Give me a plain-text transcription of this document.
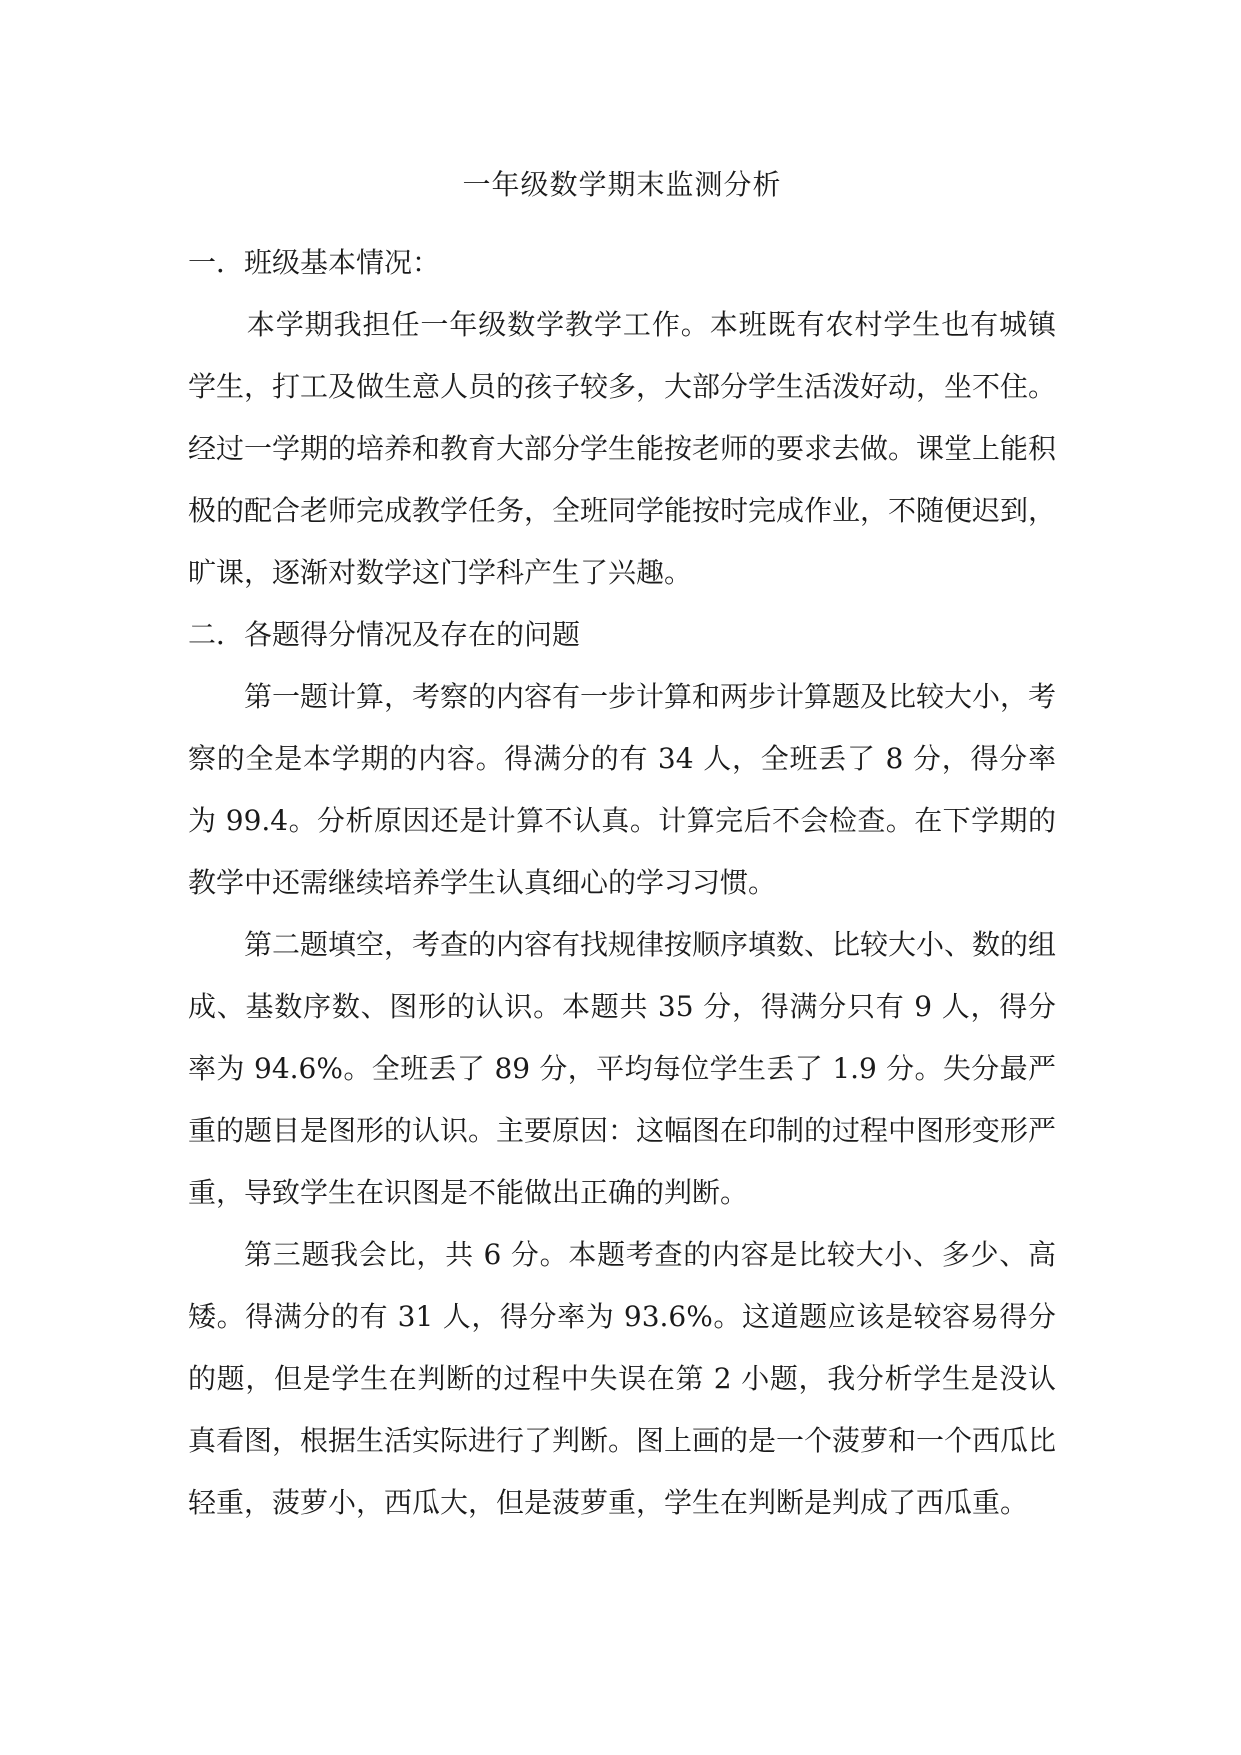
一年级数学期末监测分析
一．班级基本情况：

本学期我担任一年级数学教学工作。本班既有农村学生也有城镇学生，打工及做生意人员的孩子较多，大部分学生活泼好动，坐不住。经过一学期的培养和教育大部分学生能按老师的要求去做。课堂上能积极的配合老师完成教学任务，全班同学能按时完成作业，不随便迟到，旷课，逐渐对数学这门学科产生了兴趣。

二．各题得分情况及存在的问题

第一题计算，考察的内容有一步计算和两步计算题及比较大小，考察的全是本学期的内容。得满分的有 34 人，全班丢了 8 分，得分率为 99.4。分析原因还是计算不认真。计算完后不会检查。在下学期的教学中还需继续培养学生认真细心的学习习惯。

第二题填空，考查的内容有找规律按顺序填数、比较大小、数的组成、基数序数、图形的认识。本题共 35 分，得满分只有 9 人，得分率为 94.6%。全班丢了 89 分，平均每位学生丢了 1.9 分。失分最严重的题目是图形的认识。主要原因：这幅图在印制的过程中图形变形严重，导致学生在识图是不能做出正确的判断。

第三题我会比，共 6 分。本题考查的内容是比较大小、多少、高矮。得满分的有 31 人，得分率为 93.6%。这道题应该是较容易得分的题，但是学生在判断的过程中失误在第 2 小题，我分析学生是没认真看图，根据生活实际进行了判断。图上画的是一个菠萝和一个西瓜比轻重，菠萝小，西瓜大，但是菠萝重，学生在判断是判成了西瓜重。
